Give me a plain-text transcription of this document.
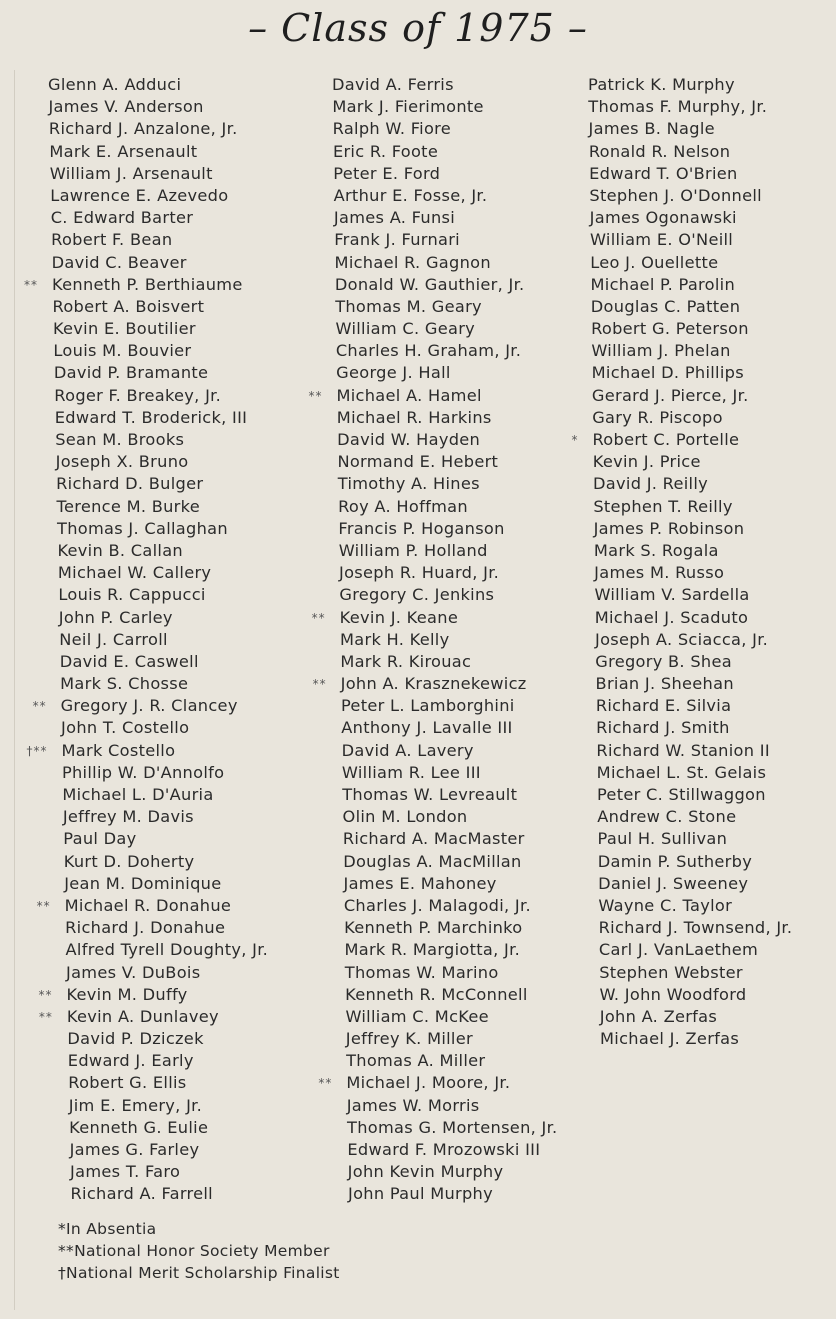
– Class of 1975 –
Glenn A. Adduci
James V. Anderson
Richard J. Anzalone, Jr.
Mark E. Arsenault
William J. Arsenault
Lawrence E. Azevedo
C. Edward Barter
Robert F. Bean
David C. Beaver
** Kenneth P. Berthiaume
Robert A. Boisvert
Kevin E. Boutilier
Louis M. Bouvier
David P. Bramante
Roger F. Breakey, Jr.
Edward T. Broderick, III
Sean M. Brooks
Joseph X. Bruno
Richard D. Bulger
Terence M. Burke
Thomas J. Callaghan
Kevin B. Callan
Michael W. Callery
Louis R. Cappucci
John P. Carley
Neil J. Carroll
David E. Caswell
Mark S. Chosse
** Gregory J. R. Clancey
John T. Costello
†** Mark Costello
Phillip W. D'Annolfo
Michael L. D'Auria
Jeffrey M. Davis
Paul Day
Kurt D. Doherty
Jean M. Dominique
** Michael R. Donahue
Richard J. Donahue
Alfred Tyrell Doughty, Jr.
James V. DuBois
** Kevin M. Duffy
** Kevin A. Dunlavey
David P. Dziczek
Edward J. Early
Robert G. Ellis
Jim E. Emery, Jr.
Kenneth G. Eulie
James G. Farley
James T. Faro
Richard A. Farrell
David A. Ferris
Mark J. Fierimonte
Ralph W. Fiore
Eric R. Foote
Peter E. Ford
Arthur E. Fosse, Jr.
James A. Funsi
Frank J. Furnari
Michael R. Gagnon
Donald W. Gauthier, Jr.
Thomas M. Geary
William C. Geary
Charles H. Graham, Jr.
George J. Hall
** Michael A. Hamel
Michael R. Harkins
David W. Hayden
Normand E. Hebert
Timothy A. Hines
Roy A. Hoffman
Francis P. Hoganson
William P. Holland
Joseph R. Huard, Jr.
Gregory C. Jenkins
** Kevin J. Keane
Mark H. Kelly
Mark R. Kirouac
** John A. Krasznekewicz
Peter L. Lamborghini
Anthony J. Lavalle III
David A. Lavery
William R. Lee III
Thomas W. Levreault
Olin M. London
Richard A. MacMaster
Douglas A. MacMillan
James E. Mahoney
Charles J. Malagodi, Jr.
Kenneth P. Marchinko
Mark R. Margiotta, Jr.
Thomas W. Marino
Kenneth R. McConnell
William C. McKee
Jeffrey K. Miller
Thomas A. Miller
** Michael J. Moore, Jr.
James W. Morris
Thomas G. Mortensen, Jr.
Edward F. Mrozowski III
John Kevin Murphy
John Paul Murphy
Patrick K. Murphy
Thomas F. Murphy, Jr.
James B. Nagle
Ronald R. Nelson
Edward T. O'Brien
Stephen J. O'Donnell
James Ogonawski
William E. O'Neill
Leo J. Ouellette
Michael P. Parolin
Douglas C. Patten
Robert G. Peterson
William J. Phelan
Michael D. Phillips
Gerard J. Pierce, Jr.
Gary R. Piscopo
* Robert C. Portelle
Kevin J. Price
David J. Reilly
Stephen T. Reilly
James P. Robinson
Mark S. Rogala
James M. Russo
William V. Sardella
Michael J. Scaduto
Joseph A. Sciacca, Jr.
Gregory B. Shea
Brian J. Sheehan
Richard E. Silvia
Richard J. Smith
Richard W. Stanion II
Michael L. St. Gelais
Peter C. Stillwaggon
Andrew C. Stone
Paul H. Sullivan
Damin P. Sutherby
Daniel J. Sweeney
Wayne C. Taylor
Richard J. Townsend, Jr.
Carl J. VanLaethem
Stephen Webster
W. John Woodford
John A. Zerfas
Michael J. Zerfas
*In Absentia
**National Honor Society Member
†National Merit Scholarship Finalist
